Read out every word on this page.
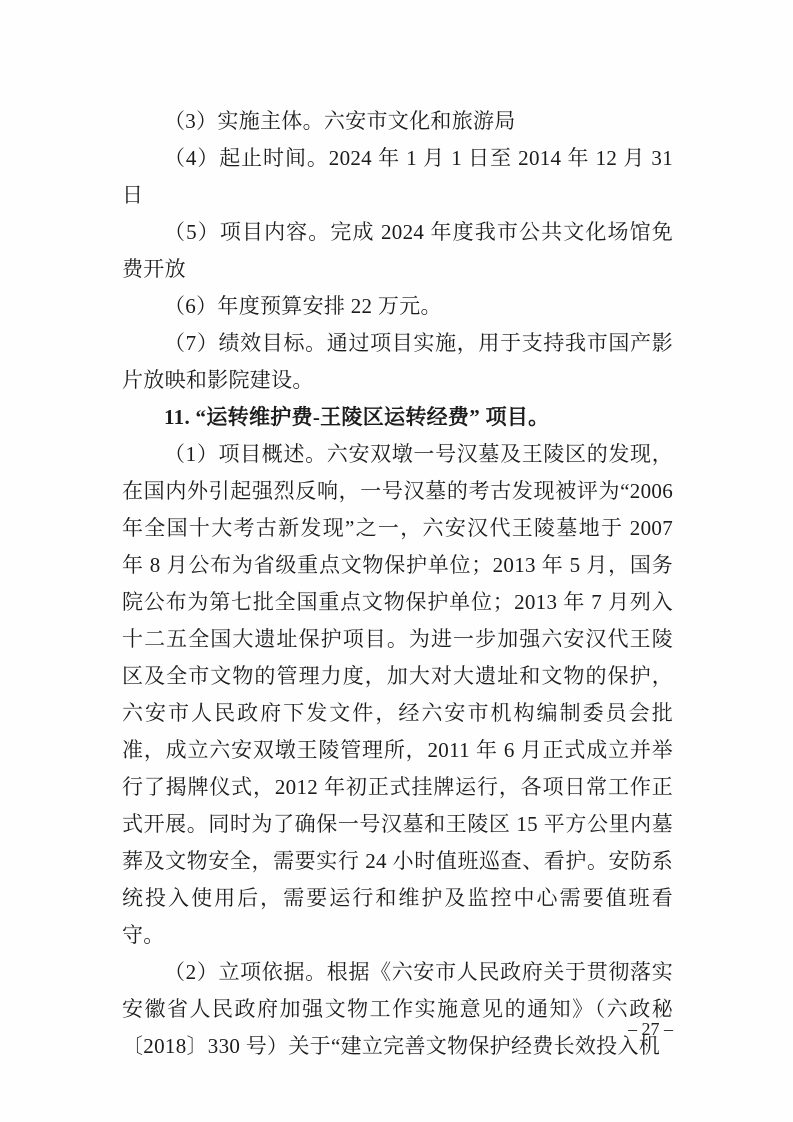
（3）实施主体。六安市文化和旅游局

（4）起止时间。2024 年 1 月 1 日至 2014 年 12 月 31 日

（5）项目内容。完成 2024 年度我市公共文化场馆免费开放

（6）年度预算安排 22 万元。

（7）绩效目标。通过项目实施，用于支持我市国产影片放映和影院建设。

11. “运转维护费-王陵区运转经费” 项目。

（1）项目概述。六安双墩一号汉墓及王陵区的发现，在国内外引起强烈反响，一号汉墓的考古发现被评为“2006 年全国十大考古新发现”之一，六安汉代王陵墓地于 2007 年 8 月公布为省级重点文物保护单位；2013 年 5 月，国务院公布为第七批全国重点文物保护单位；2013 年 7 月列入十二五全国大遗址保护项目。为进一步加强六安汉代王陵区及全市文物的管理力度，加大对大遗址和文物的保护，六安市人民政府下发文件，经六安市机构编制委员会批准，成立六安双墩王陵管理所，2011 年 6 月正式成立并举行了揭牌仪式，2012 年初正式挂牌运行，各项日常工作正式开展。同时为了确保一号汉墓和王陵区 15 平方公里内墓葬及文物安全，需要实行 24 小时值班巡查、看护。安防系统投入使用后，需要运行和维护及监控中心需要值班看守。

（2）立项依据。根据《六安市人民政府关于贯彻落实安徽省人民政府加强文物工作实施意见的通知》（六政秘〔2018〕330 号）关于“建立完善文物保护经费长效投入机

– 27 –
